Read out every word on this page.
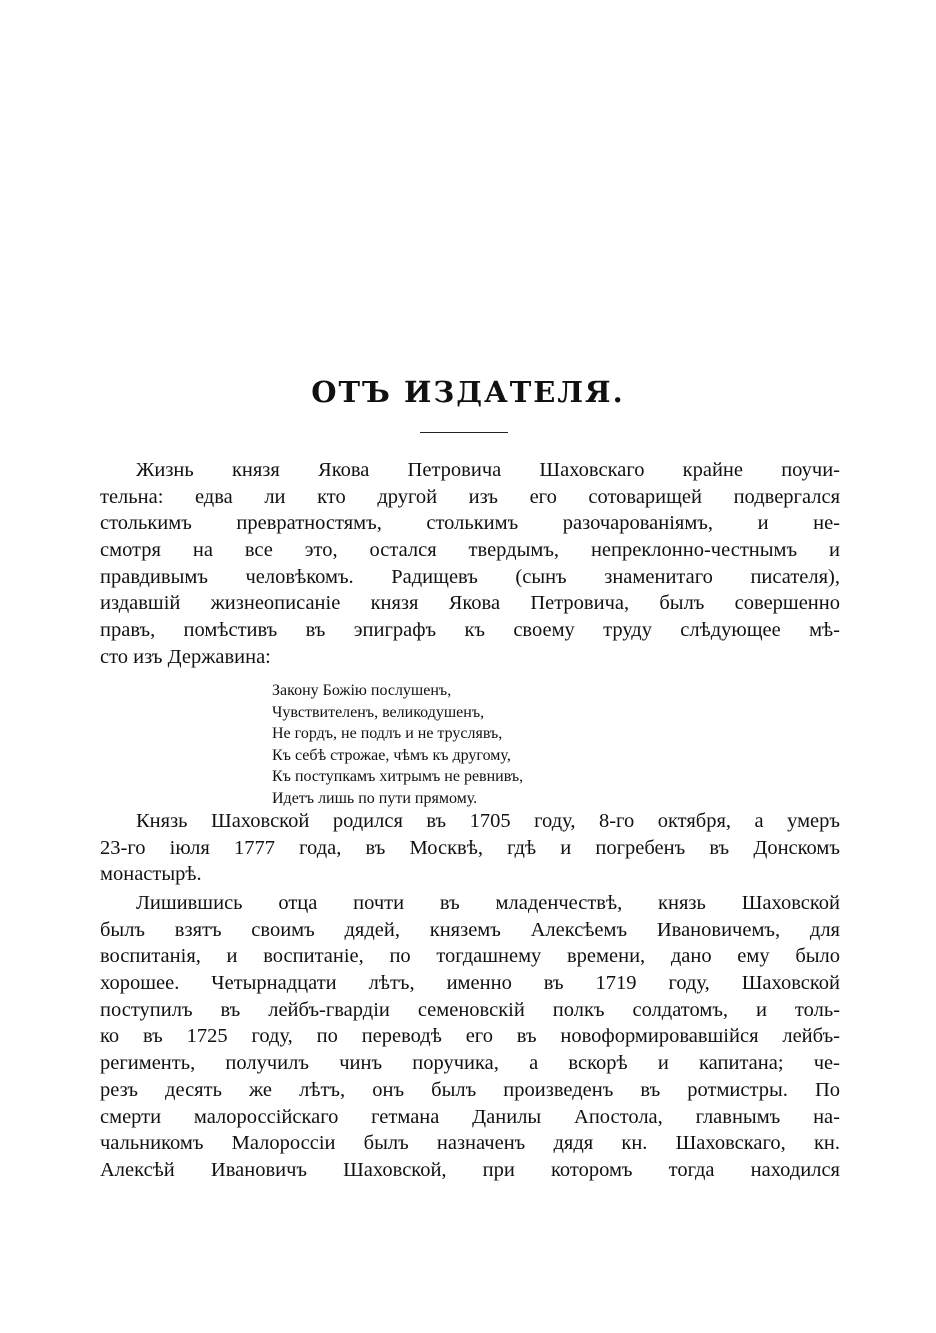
ОТЪ ИЗДАТЕЛЯ.
Жизнь князя Якова Петровича Шаховскаго крайне поучи-
тельна: едва ли кто другой изъ его сотоварищей подвергался
столькимъ превратностямъ, столькимъ разочарованіямъ, и не-
смотря на все это, остался твердымъ, непреклонно-честнымъ и
правдивымъ человѣкомъ. Радищевъ (сынъ знаменитаго писателя),
издавшій жизнеописаніе князя Якова Петровича, былъ совершенно
правъ, помѣстивъ въ эпиграфъ къ своему труду слѣдующее мѣ-
сто изъ Державина:
Закону Божію послушенъ,
Чувствителенъ, великодушенъ,
Не гордъ, не подлъ и не труслявъ,
Къ себѣ строжае, чѣмъ къ другому,
Къ поступкамъ хитрымъ не ревнивъ,
Идетъ лишь по пути прямому.
Князь Шаховской родился въ 1705 году, 8-го октября, а умеръ
23-го іюля 1777 года, въ Москвѣ, гдѣ и погребенъ въ Донскомъ
монастырѣ.
Лишившись отца почти въ младенчествѣ, князь Шаховской
былъ взятъ своимъ дядей, княземъ Алексѣемъ Ивановичемъ, для
воспитанія, и воспитаніе, по тогдашнему времени, дано ему было
хорошее. Четырнадцати лѣтъ, именно въ 1719 году, Шаховской
поступилъ въ лейбъ-гвардіи семеновскій полкъ солдатомъ, и толь-
ко въ 1725 году, по переводѣ его въ новоформировавшійся лейбъ-
регименть, получилъ чинъ поручика, а вскорѣ и капитана; че-
резъ десять же лѣтъ, онъ былъ произведенъ въ ротмистры. По
смерти малороссійскаго гетмана Данилы Апостола, главнымъ на-
чальникомъ Малороссіи былъ назначенъ дядя кн. Шаховскаго, кн.
Алексѣй Ивановичъ Шаховской, при которомъ тогда находился
